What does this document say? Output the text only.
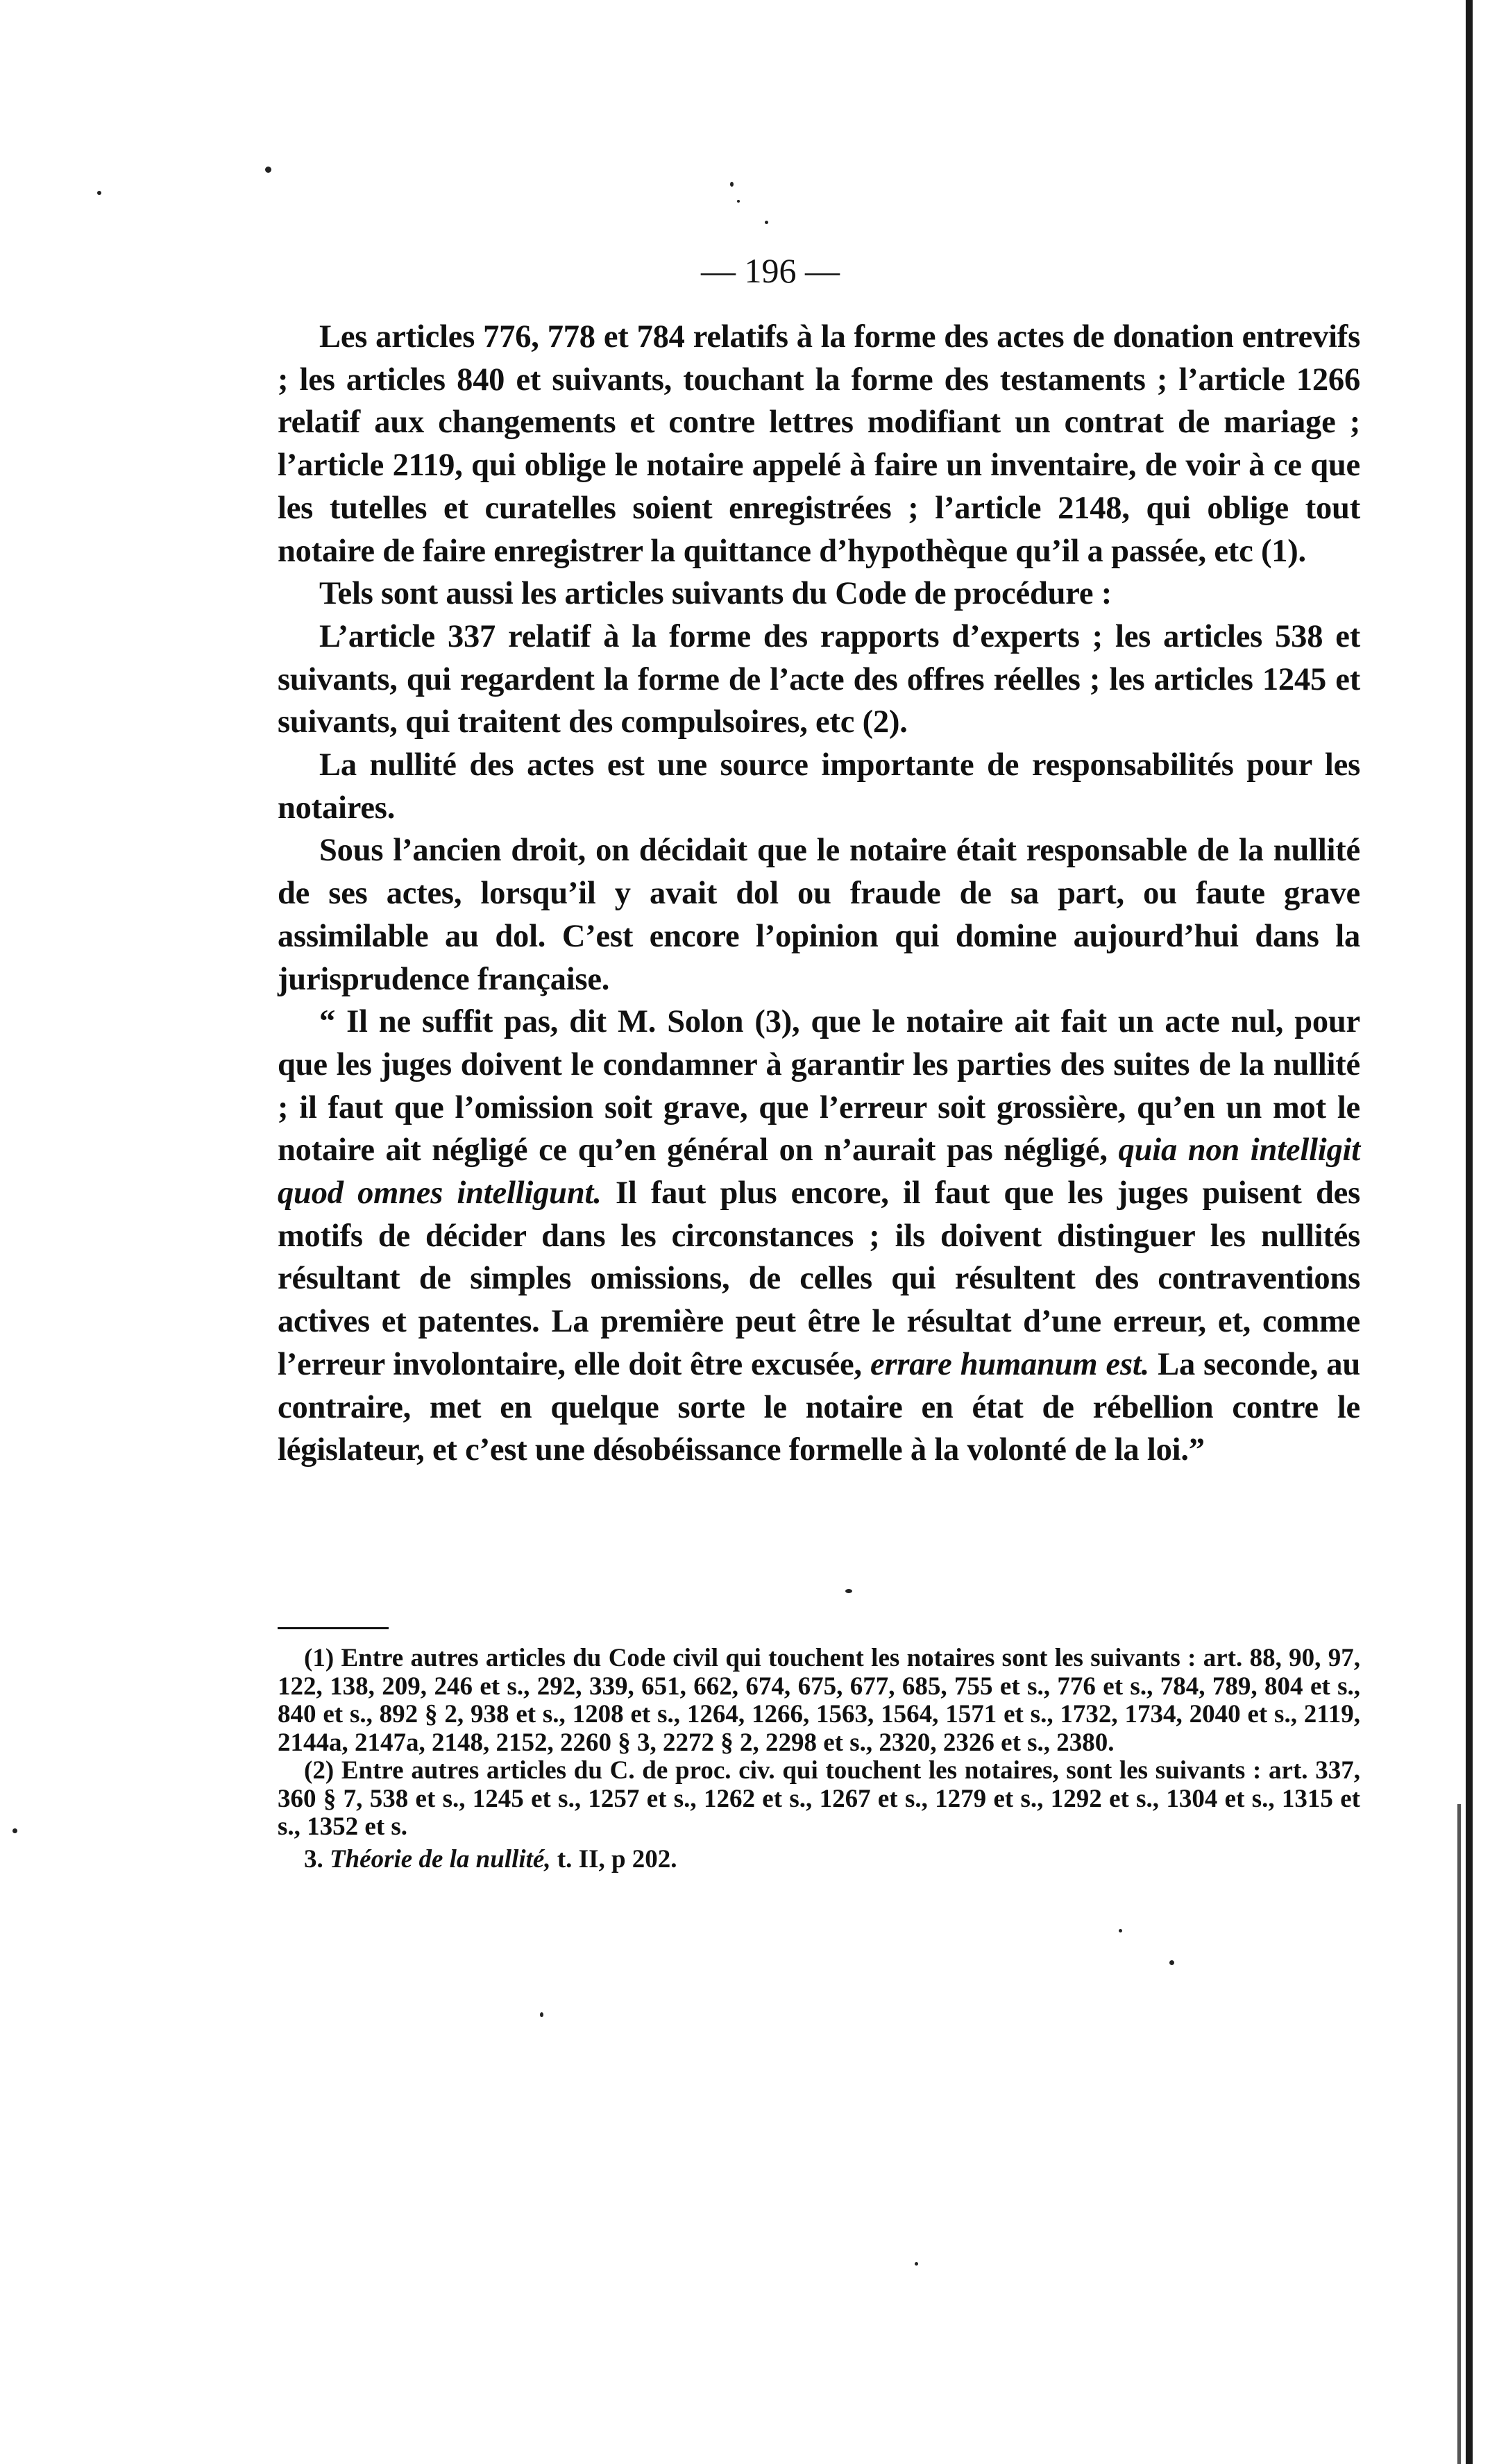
— 196 —

Les articles 776, 778 et 784 relatifs à la forme des actes de donation entrevifs ; les articles 840 et suivants, touchant la forme des testaments ; l’article 1266 relatif aux changements et contre lettres modifiant un contrat de mariage ; l’article 2119, qui oblige le notaire appelé à faire un inventaire, de voir à ce que les tutelles et curatelles soient enregistrées ; l’article 2148, qui oblige tout notaire de faire enregistrer la quittance d’hypothèque qu’il a passée, etc (1).

Tels sont aussi les articles suivants du Code de procédure :

L’article 337 relatif à la forme des rapports d’experts ; les articles 538 et suivants, qui regardent la forme de l’acte des offres réelles ; les articles 1245 et suivants, qui traitent des compulsoires, etc (2).

La nullité des actes est une source importante de responsabilités pour les notaires.

Sous l’ancien droit, on décidait que le notaire était responsable de la nullité de ses actes, lorsqu’il y avait dol ou fraude de sa part, ou faute grave assimilable au dol. C’est encore l’opinion qui domine aujourd’hui dans la jurisprudence française.

“ Il ne suffit pas, dit M. Solon (3), que le notaire ait fait un acte nul, pour que les juges doivent le condamner à garantir les parties des suites de la nullité ; il faut que l’omission soit grave, que l’erreur soit grossière, qu’en un mot le notaire ait négligé ce qu’en général on n’aurait pas négligé, quia non intelligit quod omnes intelligunt. Il faut plus encore, il faut que les juges puisent des motifs de décider dans les circonstances ; ils doivent distinguer les nullités résultant de simples omissions, de celles qui résultent des contraventions actives et patentes. La première peut être le résultat d’une erreur, et, comme l’erreur involontaire, elle doit être excusée, errare humanum est. La seconde, au contraire, met en quelque sorte le notaire en état de rébellion contre le législateur, et c’est une désobéissance formelle à la volonté de la loi.”

(1) Entre autres articles du Code civil qui touchent les notaires sont les suivants : art. 88, 90, 97, 122, 138, 209, 246 et s., 292, 339, 651, 662, 674, 675, 677, 685, 755 et s., 776 et s., 784, 789, 804 et s., 840 et s., 892 § 2, 938 et s., 1208 et s., 1264, 1266, 1563, 1564, 1571 et s., 1732, 1734, 2040 et s., 2119, 2144a, 2147a, 2148, 2152, 2260 § 3, 2272 § 2, 2298 et s., 2320, 2326 et s., 2380.

(2) Entre autres articles du C. de proc. civ. qui touchent les notaires, sont les suivants : art. 337, 360 § 7, 538 et s., 1245 et s., 1257 et s., 1262 et s., 1267 et s., 1279 et s., 1292 et s., 1304 et s., 1315 et s., 1352 et s.

3. Théorie de la nullité, t. II, p 202.
